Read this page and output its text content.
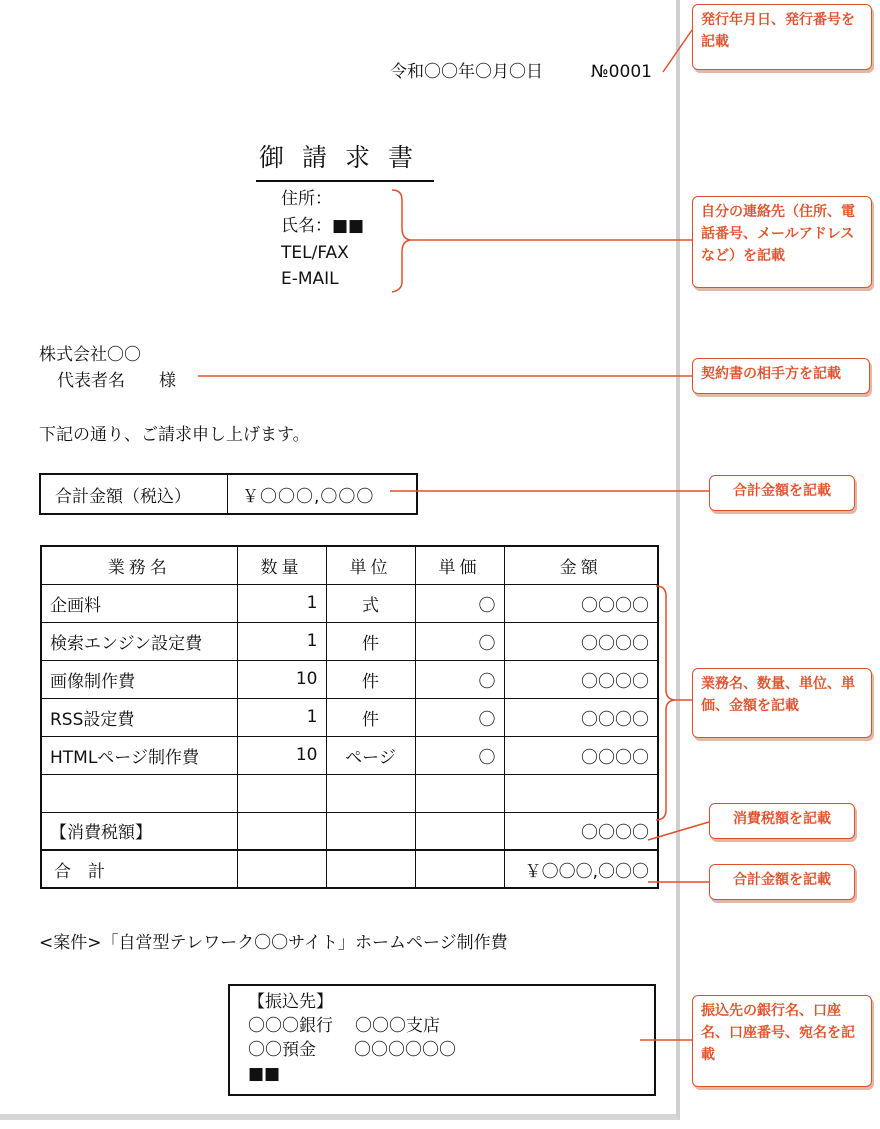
令和〇〇年〇月〇日	№0001
御請求書
住所：
氏名：■■
TEL/FAX
E-MAIL
株式会社〇〇
代表者名　　様
下記の通り、ご請求申し上げます。
合計金額（税込）	￥〇〇〇,〇〇〇
業務名	数量	単位	単価	金額
企画料	1	式	〇	〇〇〇〇
検索エンジン設定費	1	件	〇	〇〇〇〇
画像制作費	10	件	〇	〇〇〇〇
RSS設定費	1	件	〇	〇〇〇〇
HTMLページ制作費	10	ページ	〇	〇〇〇〇

【消費税額】				〇〇〇〇
合　計				￥〇〇〇,〇〇〇
<案件>「自営型テレワーク〇〇サイト」ホームページ制作費
【振込先】
〇〇〇銀行 〇〇〇支店
〇〇預金 〇〇〇〇〇〇
■■
発行年月日、発行番号を記載
自分の連絡先（住所、電話番号、メールアドレスなど）を記載
契約書の相手方を記載
合計金額を記載
業務名、数量、単位、単価、金額を記載
消費税額を記載
合計金額を記載
振込先の銀行名、口座名、口座番号、宛名を記載
